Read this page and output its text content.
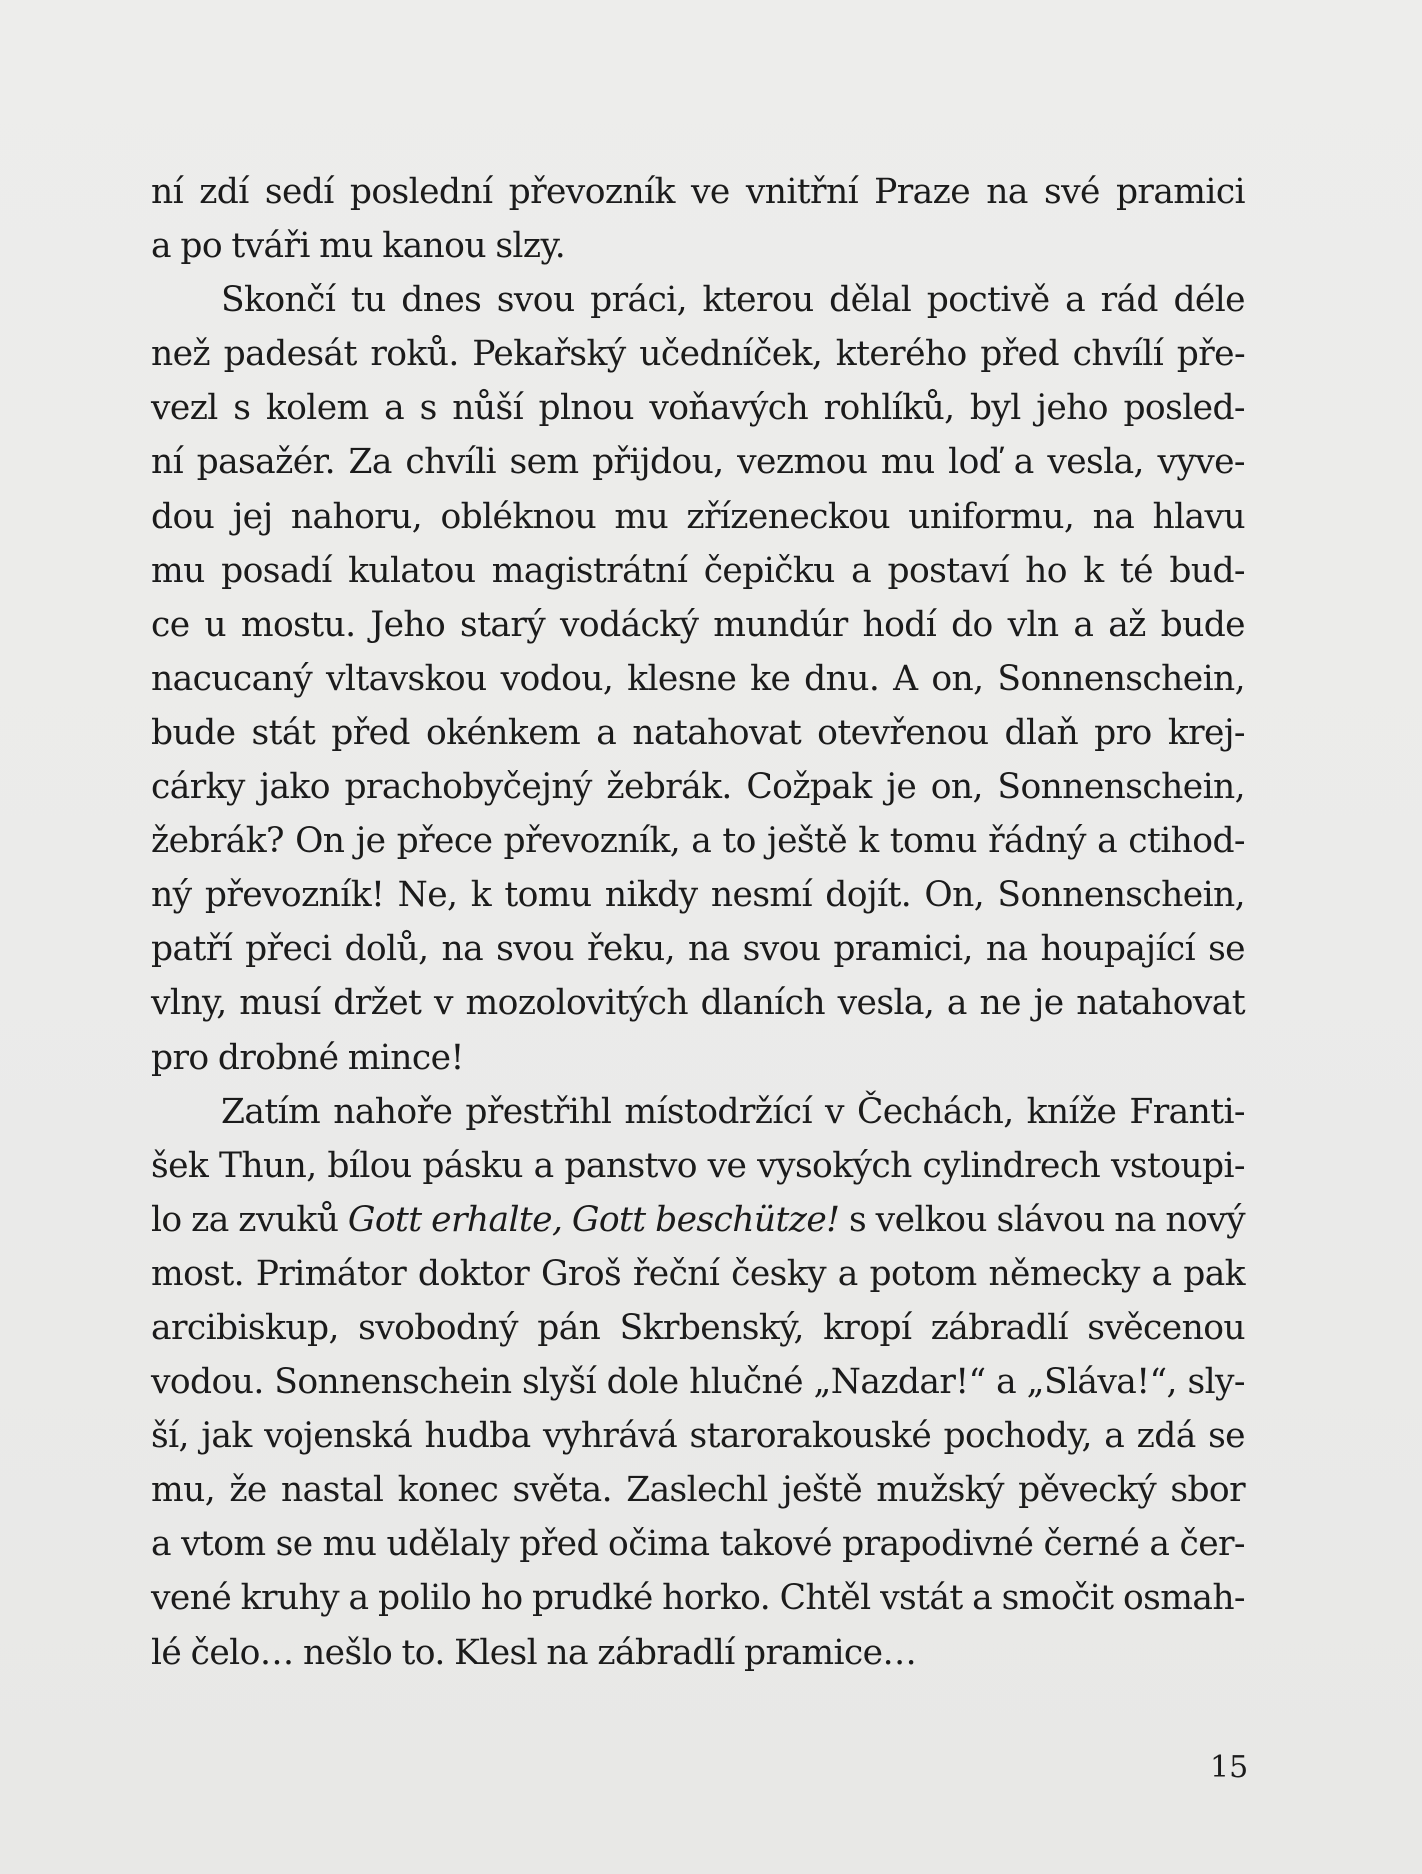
ní zdí sedí poslední převozník ve vnitřní Praze na své pramici
a po tváři mu kanou slzy.
Skončí tu dnes svou práci, kterou dělal poctivě a rád déle
než padesát roků. Pekařský učedníček, kterého před chvílí pře-
vezl s kolem a s nůší plnou voňavých rohlíků, byl jeho posled-
ní pasažér. Za chvíli sem přijdou, vezmou mu loď a vesla, vyve-
dou jej nahoru, obléknou mu zřízeneckou uniformu, na hlavu
mu posadí kulatou magistrátní čepičku a postaví ho k té bud-
ce u mostu. Jeho starý vodácký mundúr hodí do vln a až bude
nacucaný vltavskou vodou, klesne ke dnu. A on, Sonnenschein,
bude stát před okénkem a natahovat otevřenou dlaň pro krej-
cárky jako prachobyčejný žebrák. Cožpak je on, Sonnenschein,
žebrák? On je přece převozník, a to ještě k tomu řádný a ctihod-
ný převozník! Ne, k tomu nikdy nesmí dojít. On, Sonnenschein,
patří přeci dolů, na svou řeku, na svou pramici, na houpající se
vlny, musí držet v mozolovitých dlaních vesla, a ne je natahovat
pro drobné mince!
Zatím nahoře přestřihl místodržící v Čechách, kníže Franti-
šek Thun, bílou pásku a panstvo ve vysokých cylindrech vstoupi-
lo za zvuků Gott erhalte, Gott beschütze! s velkou slávou na nový
most. Primátor doktor Groš řeční česky a potom německy a pak
arcibiskup, svobodný pán Skrbenský, kropí zábradlí svěcenou
vodou. Sonnenschein slyší dole hlučné „Nazdar!“ a „Sláva!“, sly-
ší, jak vojenská hudba vyhrává starorakouské pochody, a zdá se
mu, že nastal konec světa. Zaslechl ještě mužský pěvecký sbor
a vtom se mu udělaly před očima takové prapodivné černé a čer-
vené kruhy a polilo ho prudké horko. Chtěl vstát a smočit osmah-
lé čelo… nešlo to. Klesl na zábradlí pramice…
15
